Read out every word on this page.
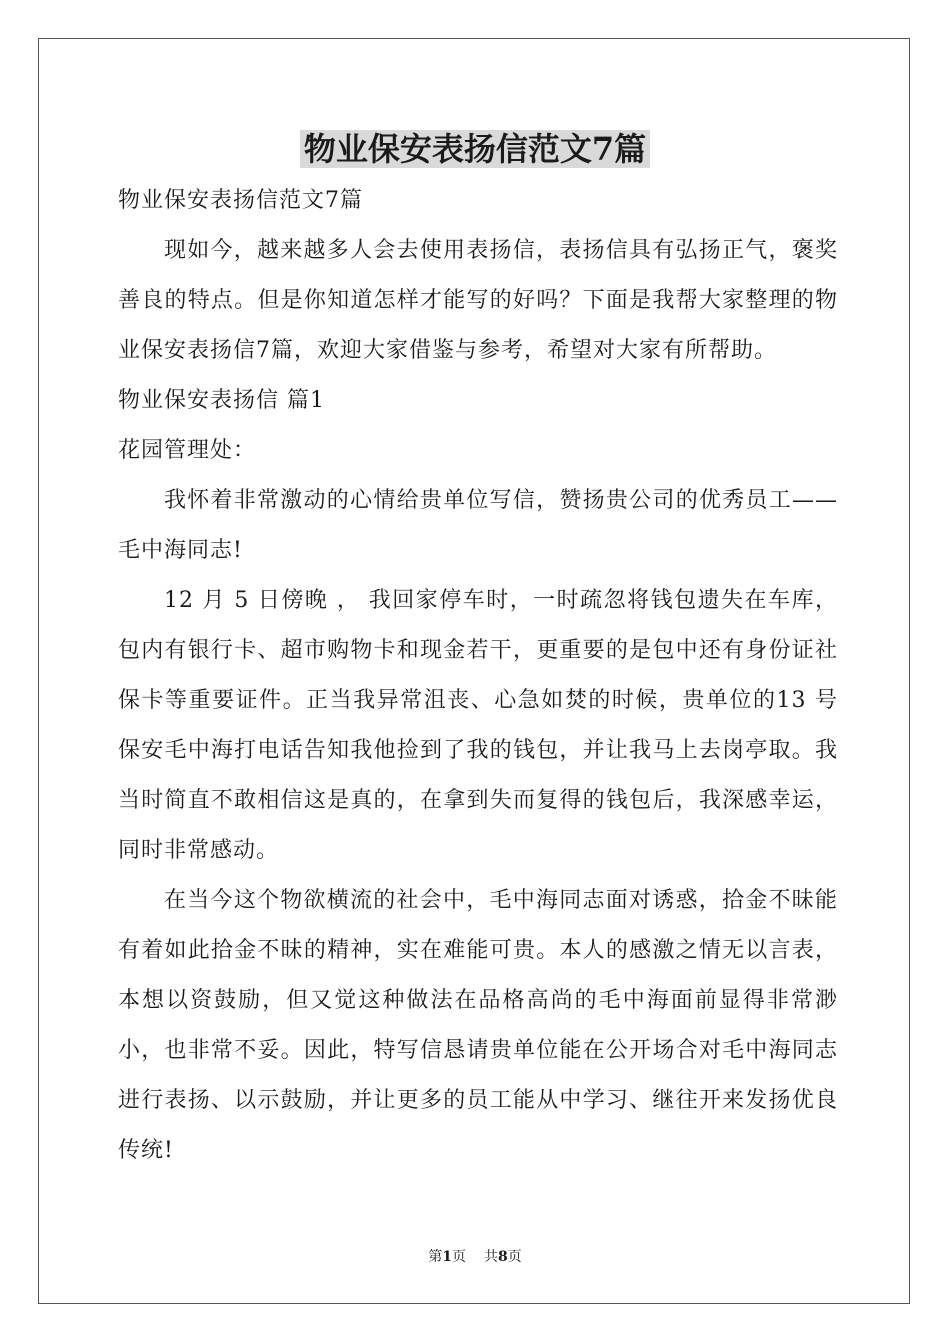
物业保安表扬信范文7篇

物业保安表扬信范文7篇

现如今，越来越多人会去使用表扬信，表扬信具有弘扬正气，褒奖善良的特点。但是你知道怎样才能写的好吗？下面是我帮大家整理的物业保安表扬信7篇，欢迎大家借鉴与参考，希望对大家有所帮助。

物业保安表扬信 篇1

花园管理处：

我怀着非常激动的心情给贵单位写信，赞扬贵公司的优秀员工——毛中海同志!

12 月 5 日傍晚 ， 我回家停车时，一时疏忽将钱包遗失在车库，包内有银行卡、超市购物卡和现金若干，更重要的是包中还有身份证社保卡等重要证件。正当我异常沮丧、心急如焚的时候，贵单位的13 号保安毛中海打电话告知我他捡到了我的钱包，并让我马上去岗亭取。我当时简直不敢相信这是真的，在拿到失而复得的钱包后，我深感幸运，同时非常感动。

在当今这个物欲横流的社会中，毛中海同志面对诱惑，拾金不昧能有着如此拾金不昧的精神，实在难能可贵。本人的感激之情无以言表，本想以资鼓励，但又觉这种做法在品格高尚的毛中海面前显得非常渺小，也非常不妥。因此，特写信恳请贵单位能在公开场合对毛中海同志进行表扬、以示鼓励，并让更多的员工能从中学习、继往开来发扬优良传统!

第1页 共8页
